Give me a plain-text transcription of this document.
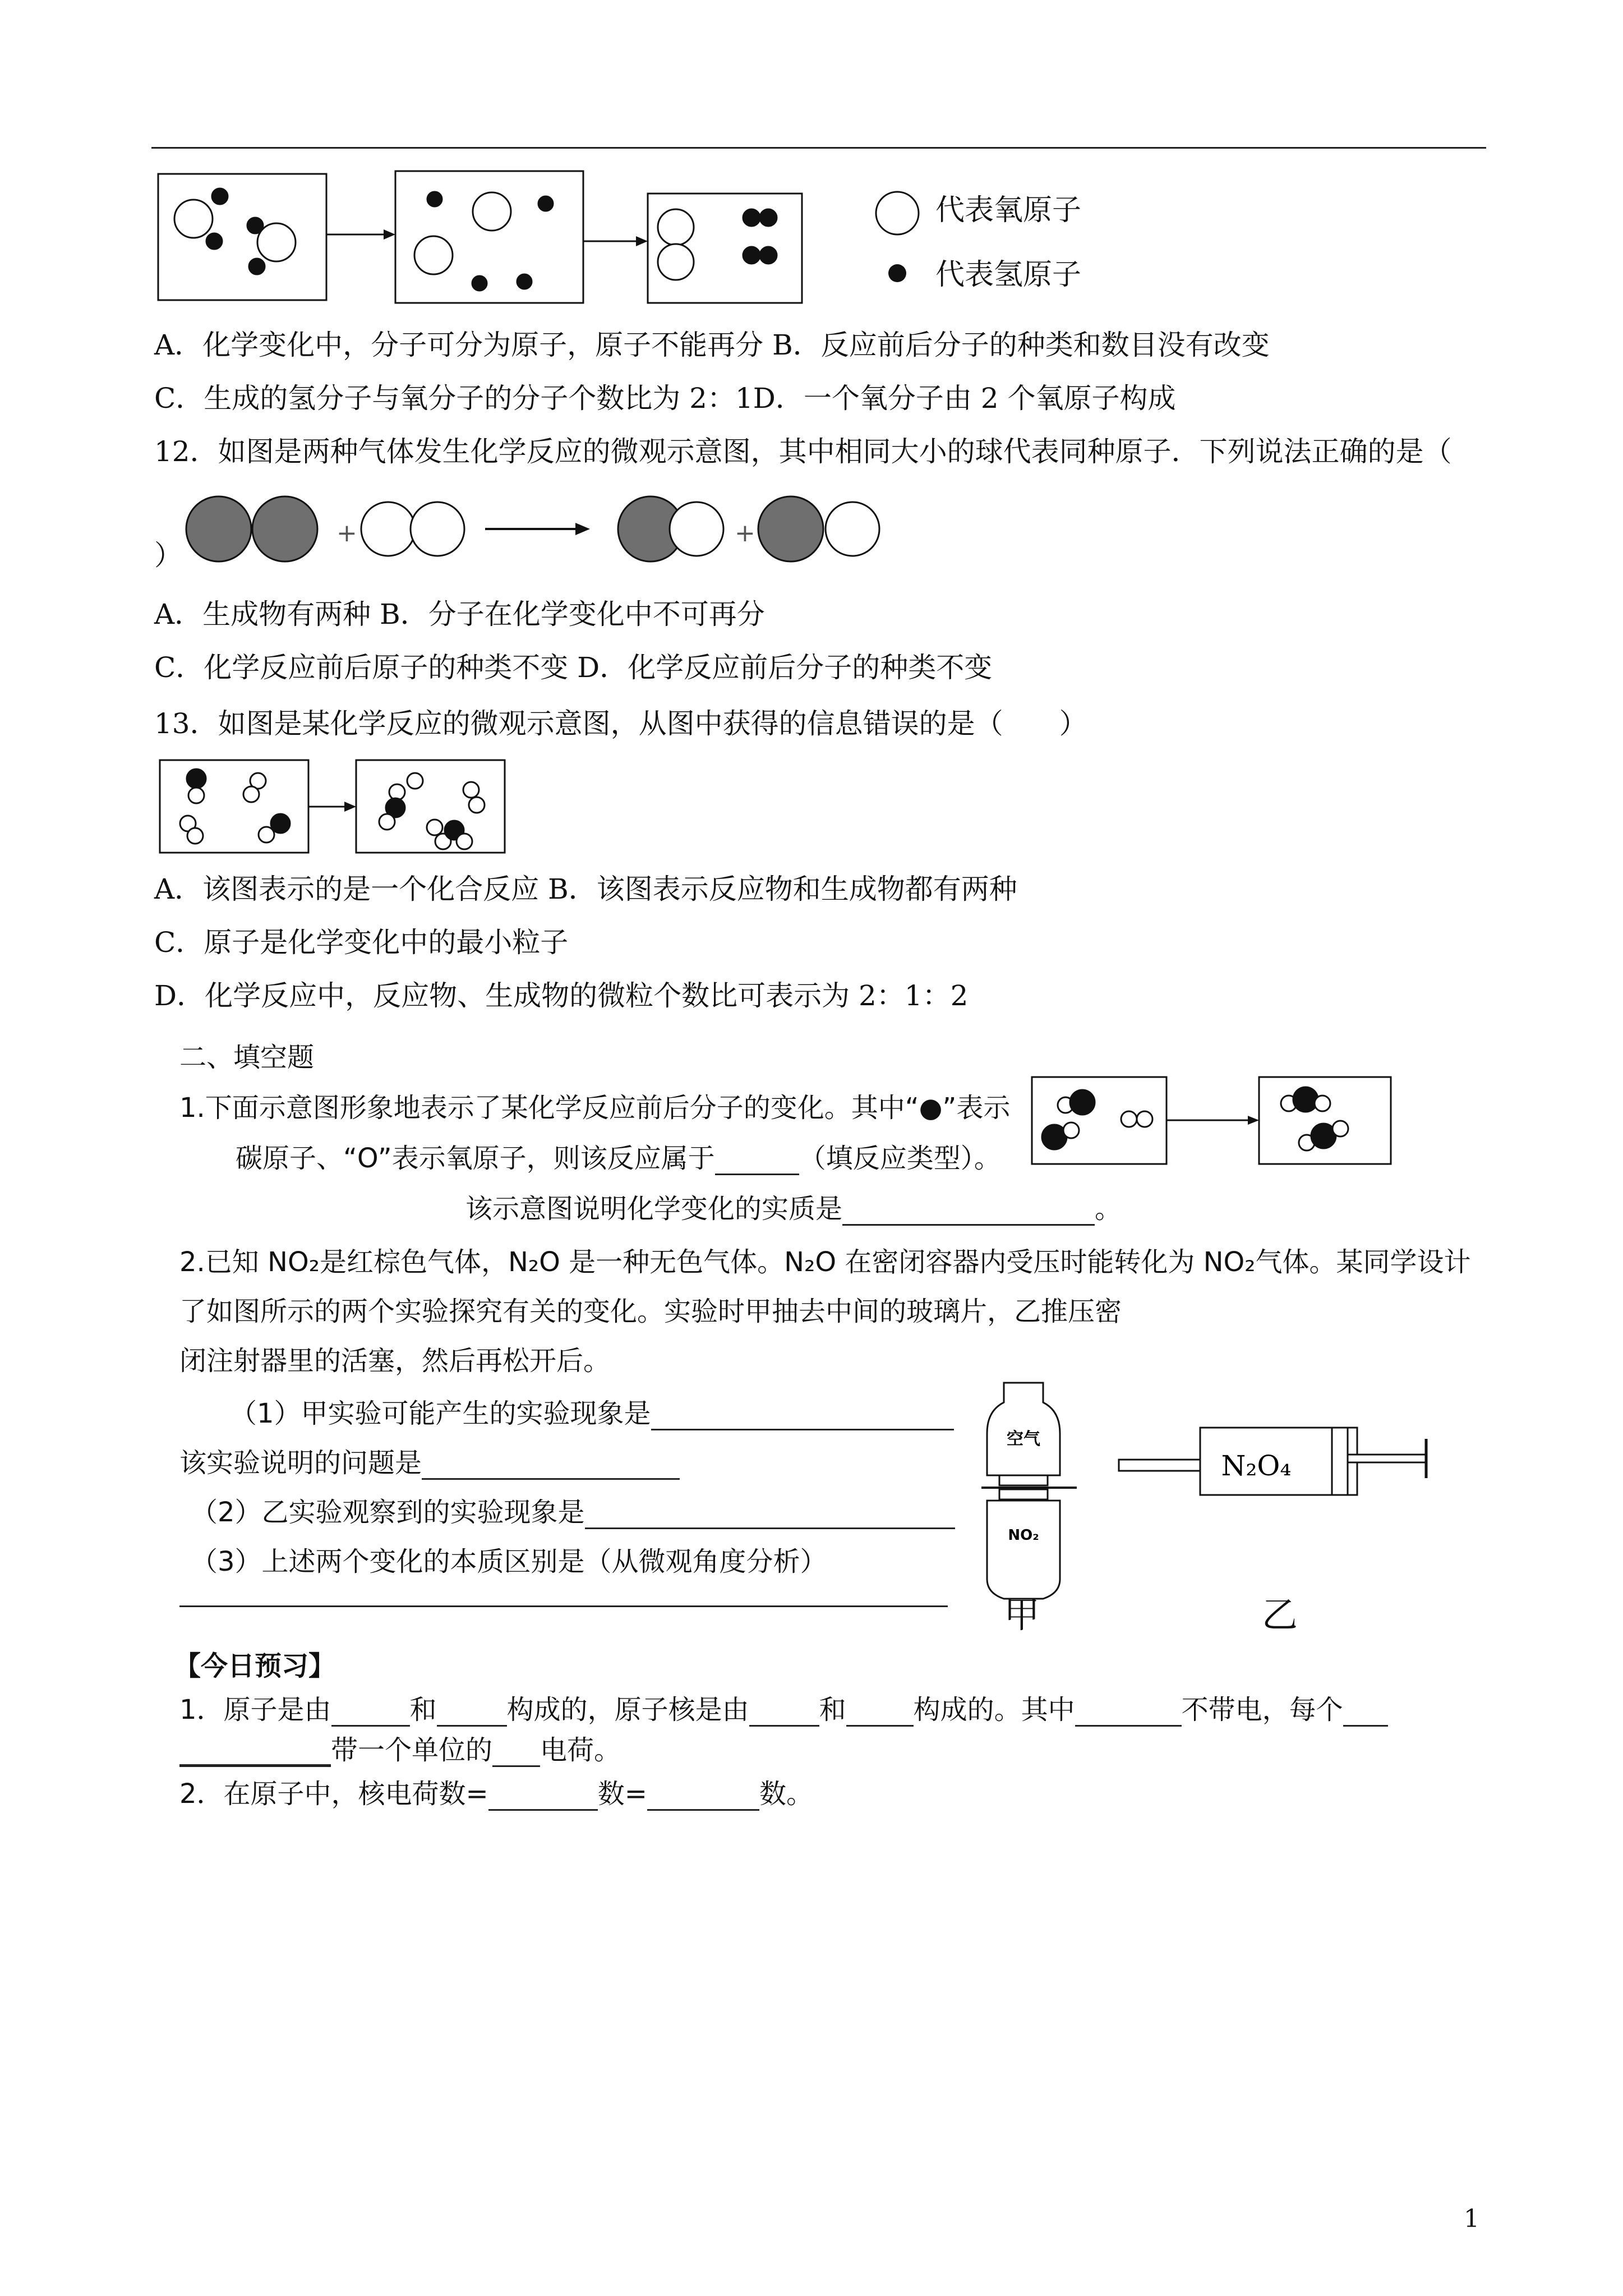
代表氧原子
代表氢原子
A．化学变化中，分子可分为原子，原子不能再分 B．反应前后分子的种类和数目没有改变
C．生成的氢分子与氧分子的分子个数比为 2：1D．一个氧分子由 2 个氧原子构成
12．如图是两种气体发生化学反应的微观示意图，其中相同大小的球代表同种原子．下列说法正确的是（
+	+
）
A．生成物有两种 B．分子在化学变化中不可再分
C．化学反应前后原子的种类不变 D．化学反应前后分子的种类不变
13．如图是某化学反应的微观示意图，从图中获得的信息错误的是（　　）
A．该图表示的是一个化合反应 B．该图表示反应物和生成物都有两种
C．原子是化学变化中的最小粒子
D．化学反应中，反应物、生成物的微粒个数比可表示为 2：1：2
二、填空题
1.下面示意图形象地表示了某化学反应前后分子的变化。其中“●”表示
碳原子、“O”表示氧原子，则该反应属于	（填反应类型）。
该示意图说明化学变化的实质是	。
2.已知 NO₂是红棕色气体，N₂O 是一种无色气体。N₂O 在密闭容器内受压时能转化为 NO₂气体。某同学设计
了如图所示的两个实验探究有关的变化。实验时甲抽去中间的玻璃片，乙推压密
闭注射器里的活塞，然后再松开后。
（1）甲实验可能产生的实验现象是
该实验说明的问题是
（2）乙实验观察到的实验现象是
（3）上述两个变化的本质区别是（从微观角度分析）
空气
NO₂
甲
N₂O₄
乙
【今日预习】
1．原子是由	和	构成的，原子核是由	和	构成的。其中	不带电，每个
带一个单位的 电荷。
2．在原子中，核电荷数=	数=	数。
1
